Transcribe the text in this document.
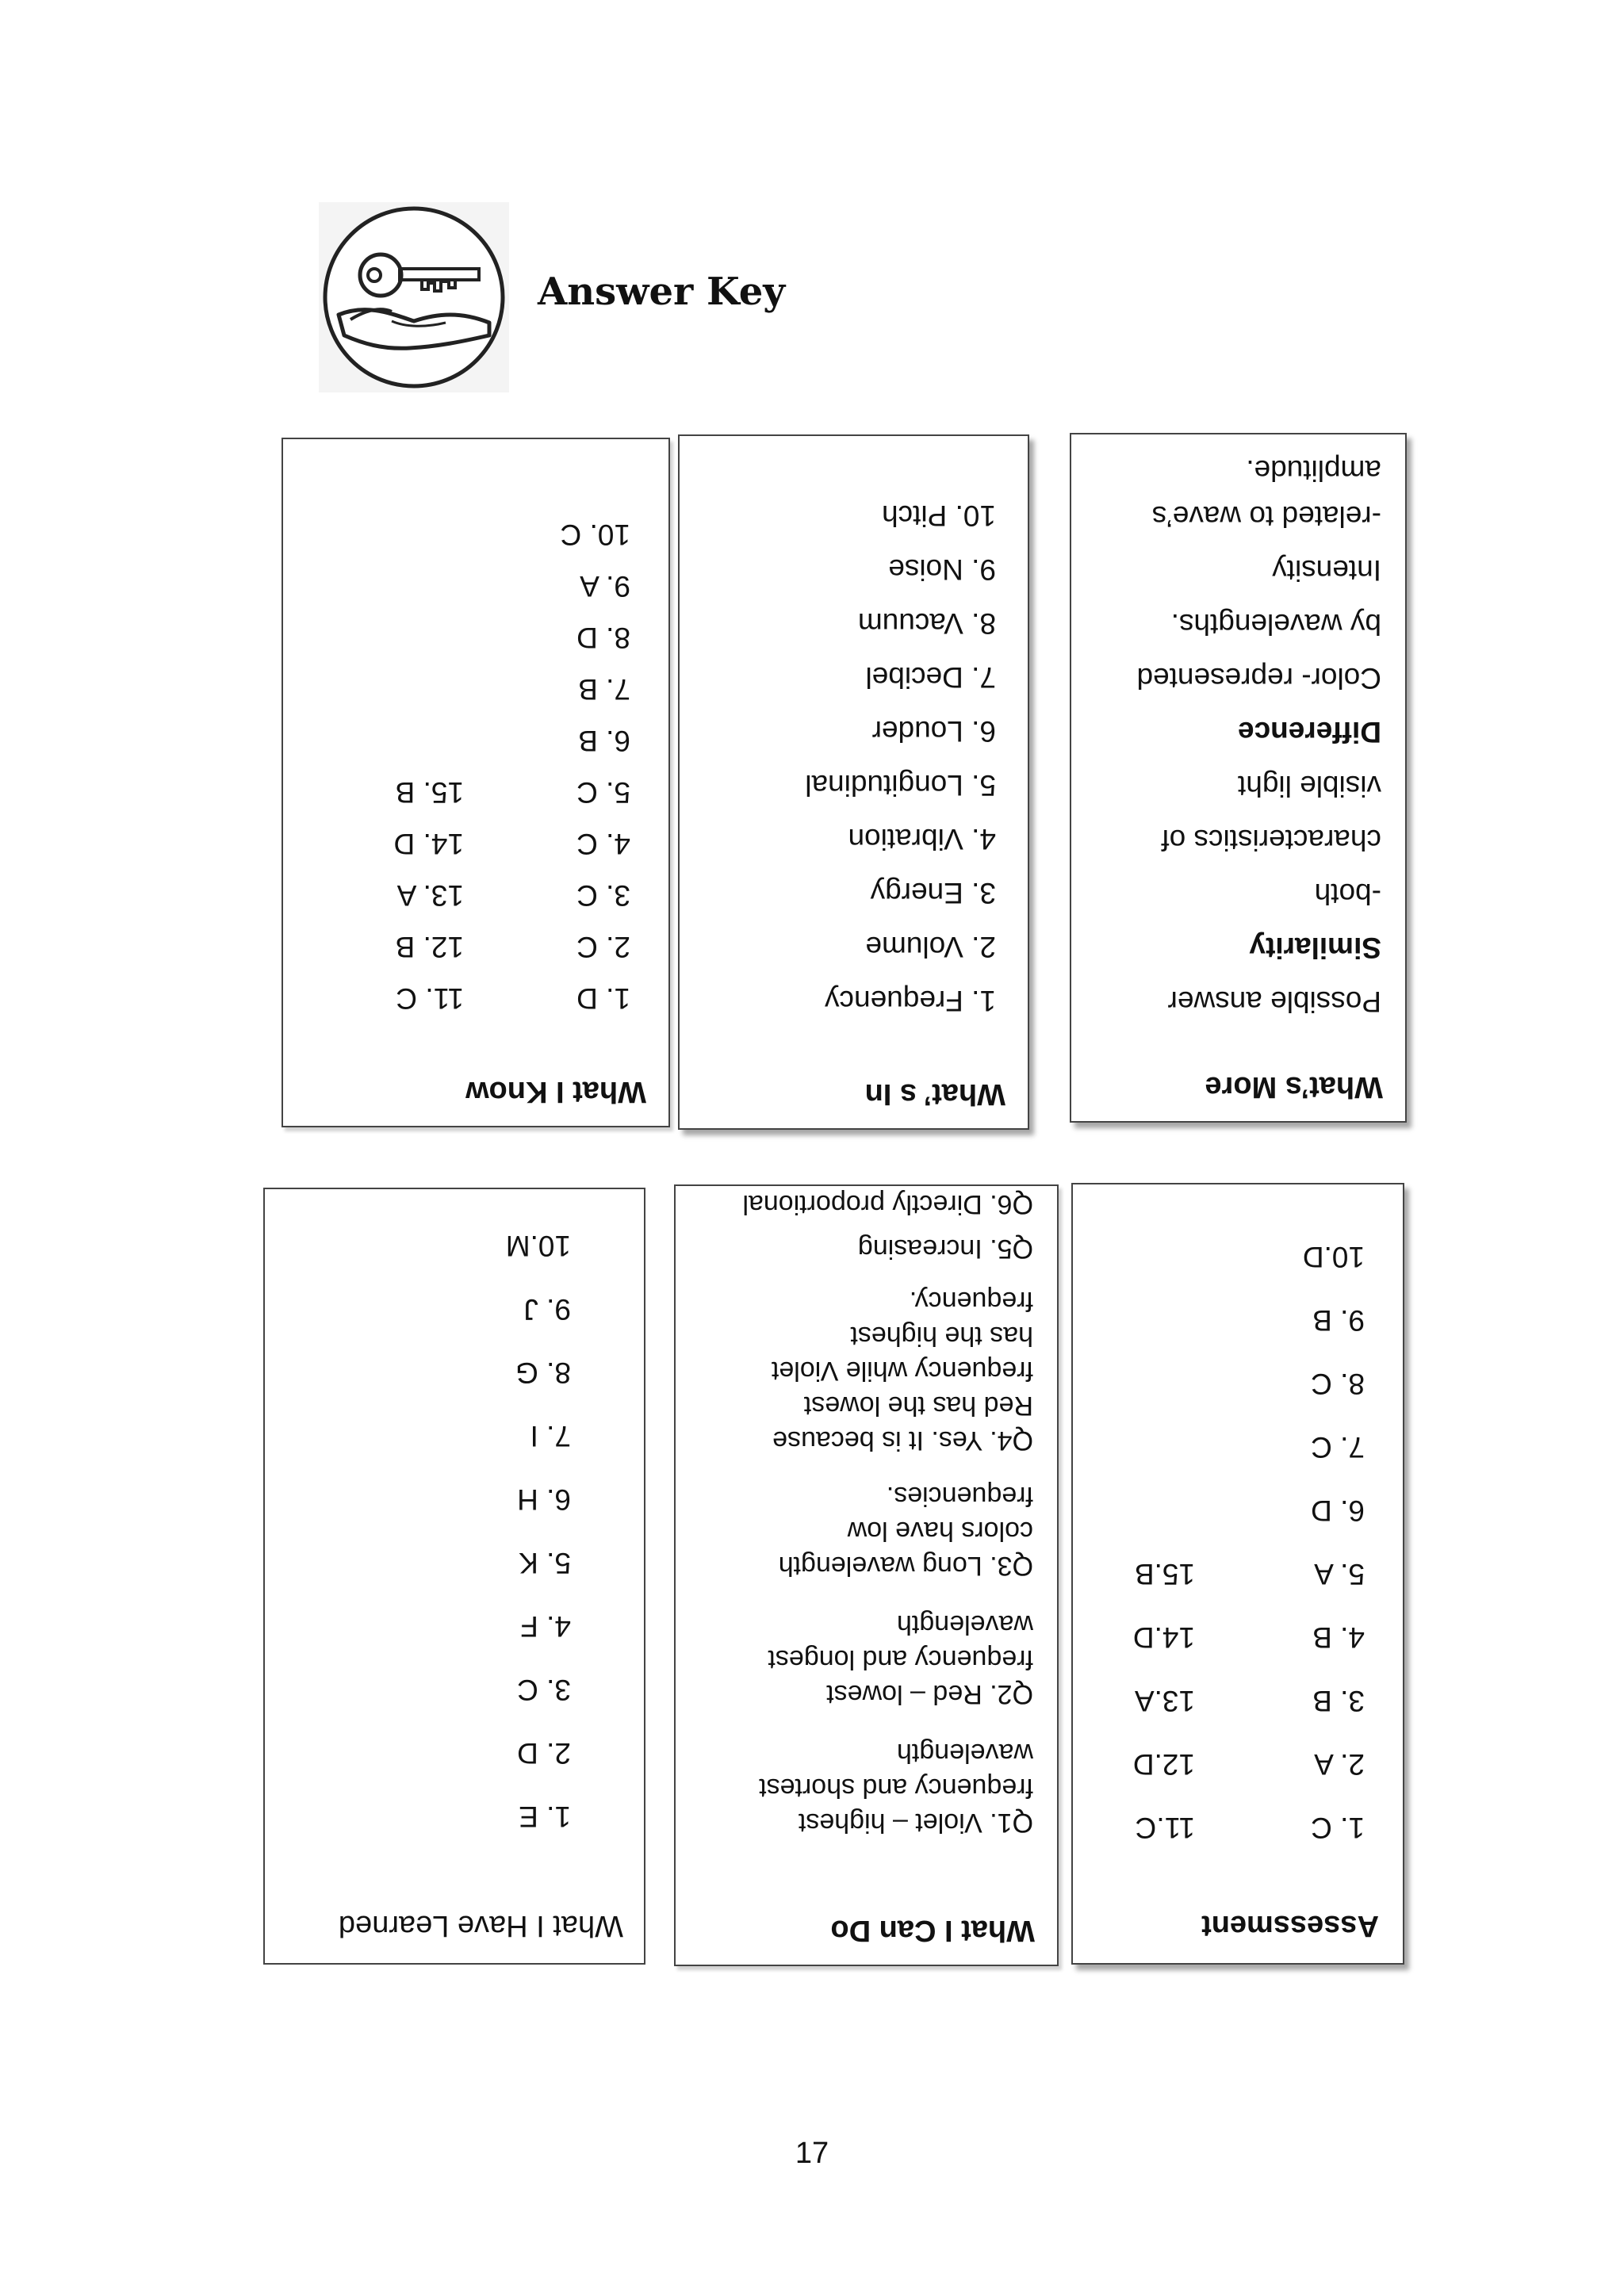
Answer Key
What I Know
1. D
2. C
3. C
4. C
5. C
6. B
7. B
8. D
9. A
10. C
11. C
12. B
13. A
14. D
15. B
What’ s In
1. Frequency
2. Volume
3. Energy
4. Vibration
5. Longitudinal
6. Louder
7. Decibel
8. Vacuum
9. Noise
10. Pitch
What’s More
Possible answer
Similarity
-both
characteristics of
visible light
Difference
Color- represented
by wavelengths.
Intensity
-related to wave’s
amplitude.
What I Have Learned
1. E
2. D
3. C
4. F
5. K
6. H
7. I
8. G
9. J
10.M
What I Can Do
Q1. Violet – highest
frequency and shortest
wavelength
Q2. Red – lowest
frequency and longest
wavelength
Q3. Long wavelength
colors have low
frequencies.
Q4. Yes. It is because
Red has the lowest
frequency while Violet
has the highest
frequency.
Q5. Increasing
Q6. Directly proportional
Assessment
1. C
2. A
3. B
4. B
5. A
6. D
7. C
8. C
9. B
10.D
11.C
12.D
13.A
14.D
15.B
17
